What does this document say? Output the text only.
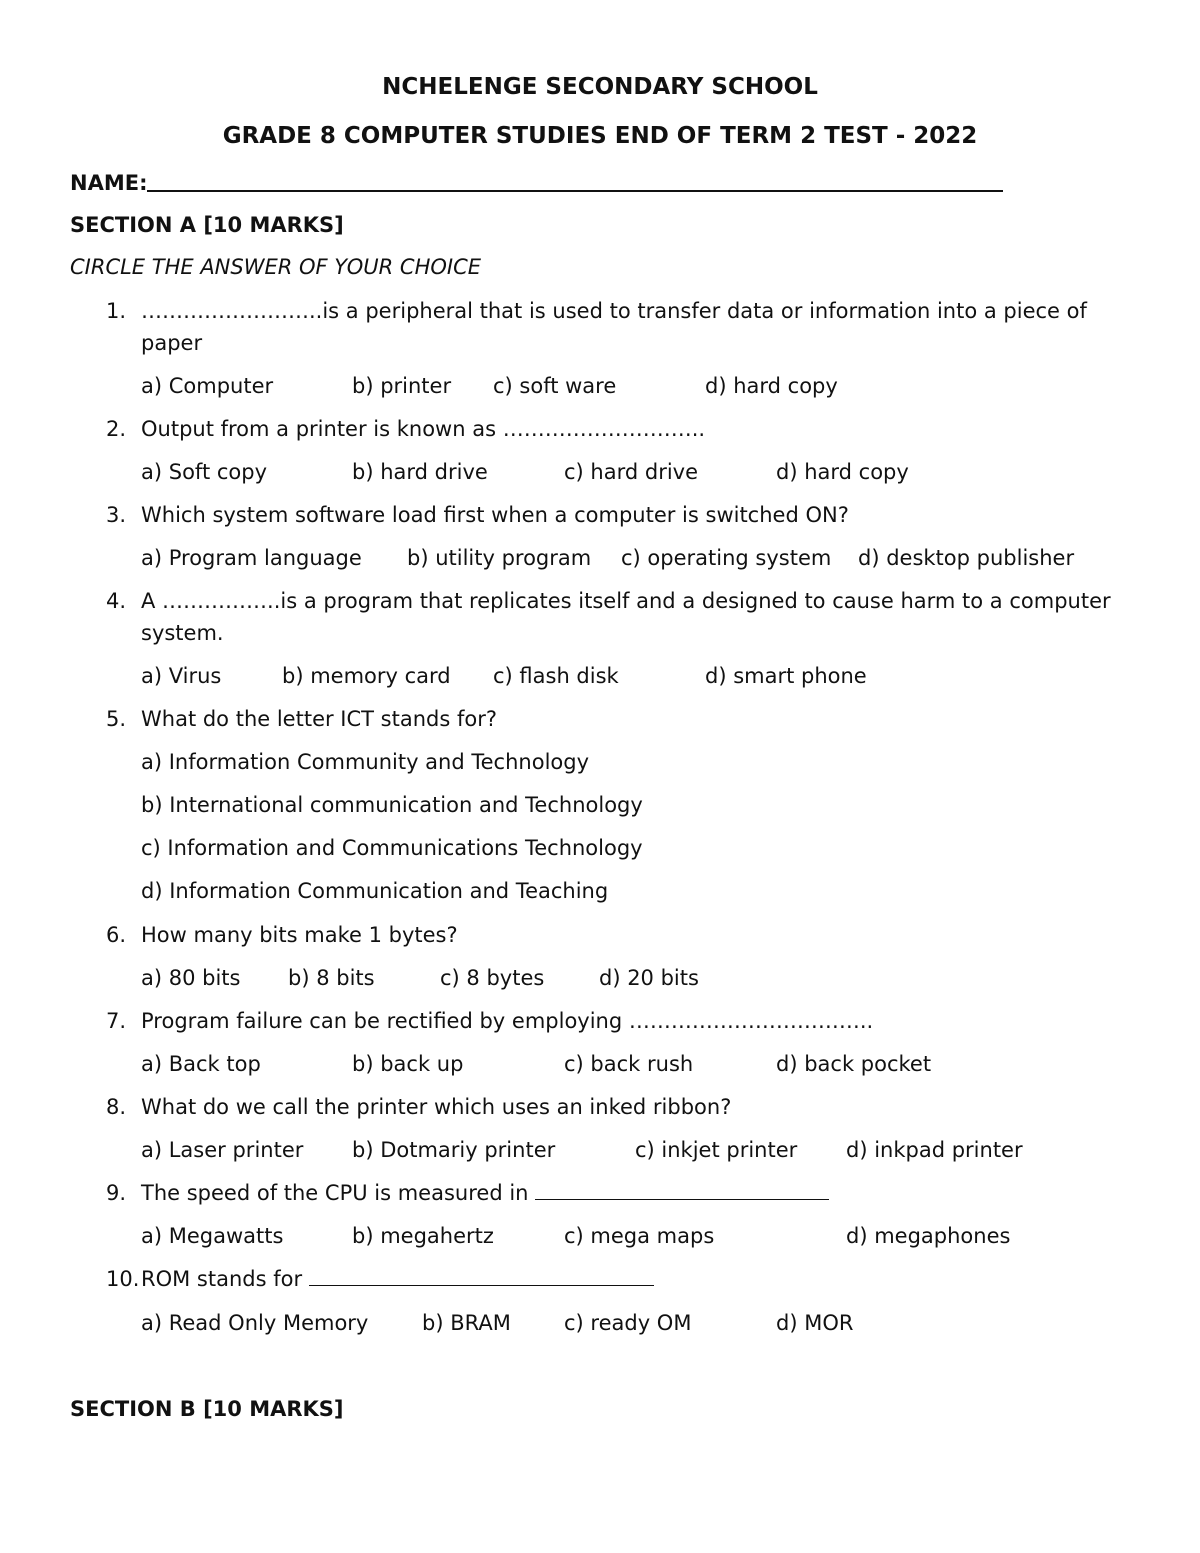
NCHELENGE SECONDARY SCHOOL
GRADE 8 COMPUTER STUDIES END OF TERM 2 TEST - 2022
NAME:
SECTION A [10 MARKS]
CIRCLE THE ANSWER OF YOUR CHOICE
1. ……………………..is a peripheral that is used to transfer data or information into a piece of
paper
a) Computer	b) printer c) soft ware	d) hard copy
2. Output from a printer is known as ………………………..
a) Soft copy	b) hard drive	c) hard drive	d) hard copy
3. Which system software load first when a computer is switched ON?
a) Program language b) utility program c) operating system d) desktop publisher
4. A ……………..is a program that replicates itself and a designed to cause harm to a computer
system.
a) Virus	b) memory card c) flash disk	d) smart phone
5. What do the letter ICT stands for?
a) Information Community and Technology
b) International communication and Technology
c) Information and Communications Technology
d) Information Communication and Teaching
6. How many bits make 1 bytes?
a) 80 bits b) 8 bits	c) 8 bytes	d) 20 bits
7. Program failure can be rectified by employing ……………………………..
a) Back top	b) back up	c) back rush	d) back pocket
8. What do we call the printer which uses an inked ribbon?
a) Laser printer b) Dotmariy printer	c) inkjet printer d) inkpad printer
9. The speed of the CPU is measured in
a) Megawatts	b) megahertz	c) mega maps	d) megaphones
10. ROM stands for
a) Read Only Memory	b) BRAM	c) ready OM	d) MOR
SECTION B [10 MARKS]
